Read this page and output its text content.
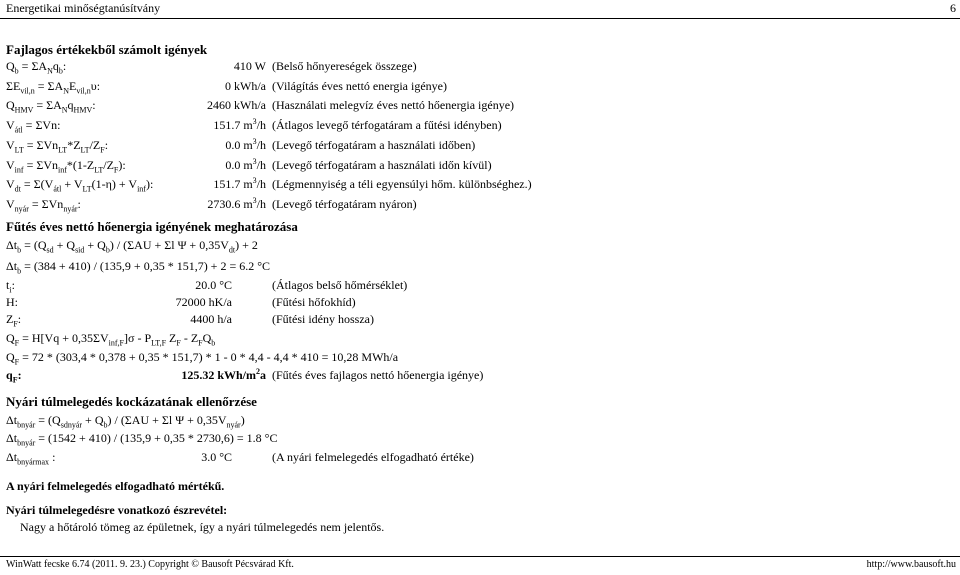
Energetikai minőségtanúsítvány	6
Fajlagos értékekből számolt igények
$Q_b = \Sigma A_Nq_b$:	410 W (Belső hőnyereségek összege)
$\Sigma E_{vil,n} = \Sigma A_NE_{vil,n}\upsilon$:	0 kWh/a (Világítás éves nettó energia igénye)
$Q_{HMV} = \Sigma A_Nq_{HMV}$:	2460 kWh/a (Használati melegvíz éves nettó hőenergia igénye)
$V_{átl} = \Sigma Vn$:	151.7 $m^3/h$ (Átlagos levegő térfogatáram a fűtési idényben)
$V_{LT} = \Sigma Vn_{LT}*Z_{LT}/Z_F$:	0.0 $m^3/h$ (Levegő térfogatáram a használati időben)
$V_{inf} = \Sigma Vn_{inf}*(1-Z_{LT}/Z_F)$:	0.0 $m^3/h$ (Levegő térfogatáram a használati időn kívül)
$V_{dt} = \Sigma(V_{átl} + V_{LT}(1-\eta) + V_{inf})$:	151.7 $m^3/h$ (Légmennyiség a téli egyensúlyi hőm. különbséghez.)
$V_{nyár} = \Sigma Vn_{nyár}$:	2730.6 $m^3/h$ (Levegő térfogatáram nyáron)
Fűtés éves nettó hőenergia igényének meghatározása
$\Delta t_b = (Q_{sd} + Q_{sid} + Q_b) / (\Sigma AU + \Sigma l$ $\Psi + 0,35V_{dt}) + 2$
$\Delta t_b = (384 + 410) / (135,9 + 0,35 * 151,7) + 2 = 6.2$ °C
$t_i$:	20.0 °C	(Átlagos belső hőmérséklet)
H:	72000 hK/a	(Fűtési hőfokhíd)
$Z_F$:	4400 h/a	(Fűtési idény hossza)
$Q_F = H[Vq + 0,35\Sigma V_{inf,F}]\sigma - P_{LT,F}$ $Z_F - Z_FQ_b$
$Q_F = 72 * (303,4 * 0,378 + 0,35 * 151,7) * 1 - 0 * 4,4 - 4,4 * 410 = 10,28$ MWh/a
$q_F$:	125.32 kWh/$m^2a$ (Fűtés éves fajlagos nettó hőenergia igénye)
Nyári túlmelegedés kockázatának ellenőrzése
$\Delta t_{bnyár} = (Q_{sdnyár} + Q_b) / (\Sigma AU + \Sigma l$ $\Psi + 0,35V_{nyár}$)
$\Delta t_{bnyár} = (1542 + 410) / (135,9 + 0,35 * 2730,6) = 1.8$ °C
$\Delta t_{bnyármax}$ :	3.0 °C	(A nyári felmelegedés elfogadható értéke)
A nyári felmelegedés elfogadható mértékű.
Nyári túlmelegedésre vonatkozó észrevétel:
Nagy a hőtároló tömeg az épületnek, így a nyári túlmelegedés nem jelentős.
WinWatt fecske 6.74 (2011. 9. 23.) Copyright © Bausoft Pécsvárad Kft.	http://www.bausoft.hu
